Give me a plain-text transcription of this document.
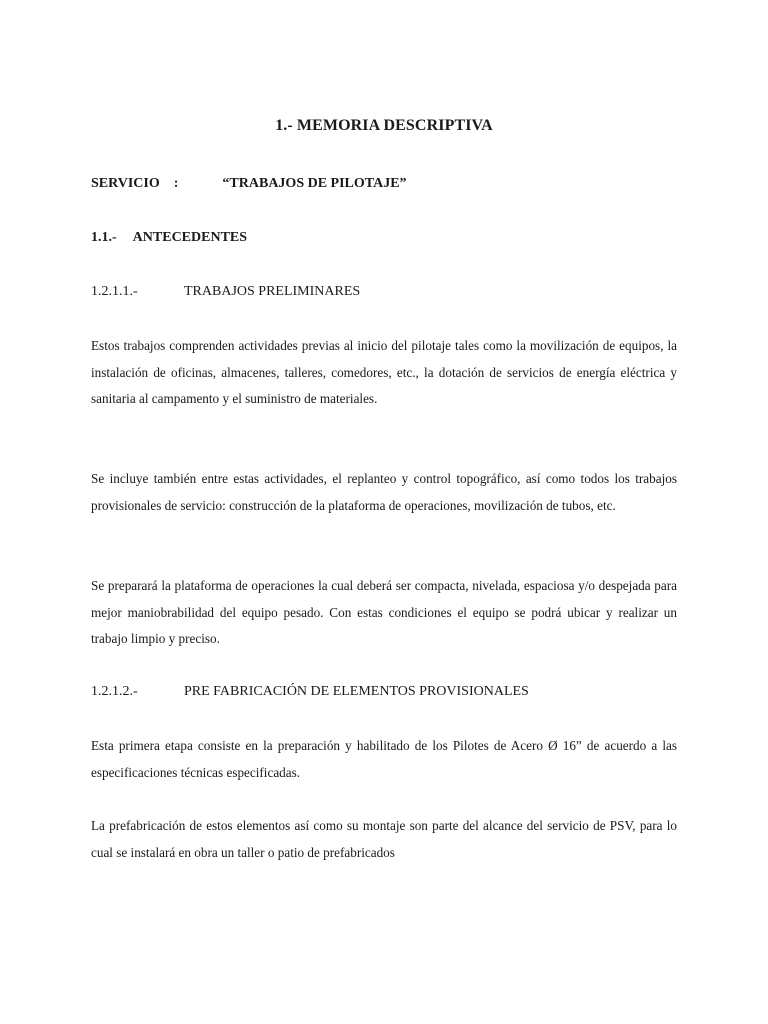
1.- MEMORIA DESCRIPTIVA
SERVICIO :	“TRABAJOS DE PILOTAJE”
1.1.- ANTECEDENTES
1.2.1.1.-	TRABAJOS PRELIMINARES

Estos trabajos comprenden actividades previas al inicio del pilotaje tales como la movilización de equipos, la instalación de oficinas, almacenes, talleres, comedores, etc., la dotación de servicios de energía eléctrica y sanitaria al campamento y el suministro de materiales.

Se incluye también entre estas actividades, el replanteo y control topográfico, así como todos los trabajos provisionales de servicio: construcción de la plataforma de operaciones, movilización de tubos, etc.

Se preparará la plataforma de operaciones la cual deberá ser compacta, nivelada, espaciosa y/o despejada para mejor maniobrabilidad del equipo pesado. Con estas condiciones el equipo se podrá ubicar y realizar un trabajo limpio y preciso.

1.2.1.2.-	PRE FABRICACIÓN DE ELEMENTOS PROVISIONALES

Esta primera etapa consiste en la preparación y habilitado de los Pilotes de Acero Ø 16” de acuerdo a las especificaciones técnicas especificadas.

La prefabricación de estos elementos así como su montaje son parte del alcance del servicio de PSV, para lo cual se instalará en obra un taller o patio de prefabricados
